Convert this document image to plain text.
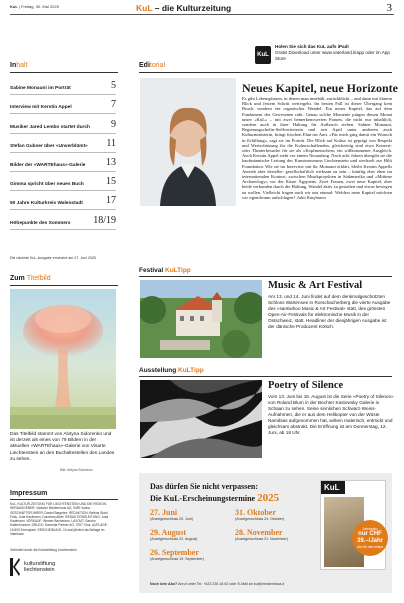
KuL | Freitag, 30. Mai 2025	KuL – die Kulturzeitung	3
KuL
Holen Sie sich das KuL aufs iPad!
Gratis Download unter www.vaterland.li/app oder im App Store
Inhalt
Sabine Monauni im Porträt	5
Interview mit Kerstin Appel	7
Musiker Jared Lembo startet durch 9
Stefan Gubser über «Unverblümt» 11
Bilder der «WARTEhaus»-Galerie 13
Gimma spricht über neues Buch 15
50 Jahre Kulturkreis Walenstadt 17
Höhepunkte des Sommers 18/19
Die nächste KuL-Ausgabe erscheint am 27. Juni 2025
Zum Titelbild
Das Titelbild stammt von Alvtyna Sidorenko und ist derzeit als eines von 79 Bildern in der aktuellen «WARTEhaus»-Galerie von Visarte Liechtenstein an den Buchaltestellen des Landes zu sehen.
Bild: Alvtyna Sidorenko
Impressum
KuL, KULTUR-ZEITUNG FÜR LIECHTENSTEIN UND DIE REGION. HERAUSGEBER: Vaduzer Medienhaus AG, 9490 Vaduz. GESCHÄFTSFÜHRER: Daniel Bargetze. REDAKTION: Bettina Stahl-Frick, Julia Kaufmann, Dorothea Alber. REDAKTIONSLEITUNG: Julia Kaufmann. VERKAUF: Werner Bachmann. LAYOUT: Sandro Kaltenbrunner. DRUCK: Somedia Partner AG, 7007 Chur. AUFLAGE: 15.800 Exemplare. ERSCHEINUNG: 10-mal jährlich als Beilage im Vaterland.
Gefördert durch die Kulturstiftung Liechtenstein
kulturstiftung
liechtenstein
Editorial
Neues Kapitel, neue Horizonte
Es gibt Lebensphasen, in denen man innehält, zurückblickt – und dann mit klarem Blick und festem Schritt weitergeht. Im besten Fall ist dieser Übergang kein Bruch, sondern ein organischer Wandel. Ein neues Kapitel, das auf dem Fundament des Gewesenen ruht. Genau solche Momente prägen diesen Monat unser «KuL» – mit zwei bemerkenswerten Frauen, die nicht nur inhaltlich, sondern auch in ihrer Haltung für Aufbruch stehen. Sabine Monauni, Regierungschefin-Stellvertreterin und seit April unter anderem auch Kulturministerin, bringt frischen Elan ins Amt. «Für mich ging damit ein Wunsch in Erfüllung», sagt sie im Porträt. Die Blick auf Kultur ist geprägt von Respekt und Wertschätzung für die Kulturschaffenden, gleichzeitig sind etwa Konzert- oder Theaterbesuche für sie als «Kopfmenschen» ein willkommener Ausgleich. Auch Kerstin Appel steht vor einem Neuanfang. Nach acht Jahren übergibt sie die kaufmännische Leitung des Kunstmuseums Liechtenstein und wechselt zur Hilti Foundation. Wie sie im Interview mit ihr Monauni erklärt, bleibt Kerstin Appells Antrieb aber derselbe: gesellschaftlich wirksam zu sein – künftig eher eben im internationalen Kontext, zwischen Musikprojekten in Südamerika und «Mittime Archaeology» vor der Küste Ägyptens. Zwei Frauen, zwei neue Kapitel, aber beide verbunden durch die Haltung, Wandel aktiv zu gestalten und etwas bewegen zu wollen. Vielleicht fragen auch wir uns einmal: Welches neue Kapitel möchten wir irgendwann aufschlagen? Julia Kaufmann
Festival KuLTipp
Music & Art Festival
Am 13. und 14. Juni findet auf dem denkmalgeschützten Schloss Wartensee in Rorschacherberg die vierte Ausgabe des «santiwhoo Music & Art Festival» statt, des grössten Open-Air-Festivals für elektronische Musik in der Ostschweiz, statt. Headliner der diesjährigen Ausgabe ist der dänische Producent Kölsch.
Ausstellung KuLTipp
Poetry of Silence
Vom 13. Juni bis 16. August ist die Serie «Poetry of Silence» von Roland Blum in der Bechter Kastowsky Galerie in Schaan zu sehen. Seine sinnlichen Schwarz-Weiss-Aufnahmen, die er aus dem Helikopter von der Wüste Namibias aufgenommen hat, wirken malerisch, entrückt und gleichsam abstrakt. Die Eröffnung ist am Donnerstag, 12. Juni, ab 18 Uhr.
Das dürfen Sie nicht verpassen:
Die KuL-Erscheinungstermine 2025
27. Juni
(Anzeigenschluss 20. Juni)
29. August
(Anzeigenschluss 22. August)
26. September
(Anzeigenschluss 19. September)
31. Oktober
(Anzeigenschluss 24. Oktober)
28. November
(Anzeigenschluss 21. November)
KuL
Jahresabo
nur CHF
39.–/Jahr
Abo für den Inland
Noch kein Abo? Anruf unter Tel. +423 236 16 62 oder E-Mail an kul@medienhaus.li
